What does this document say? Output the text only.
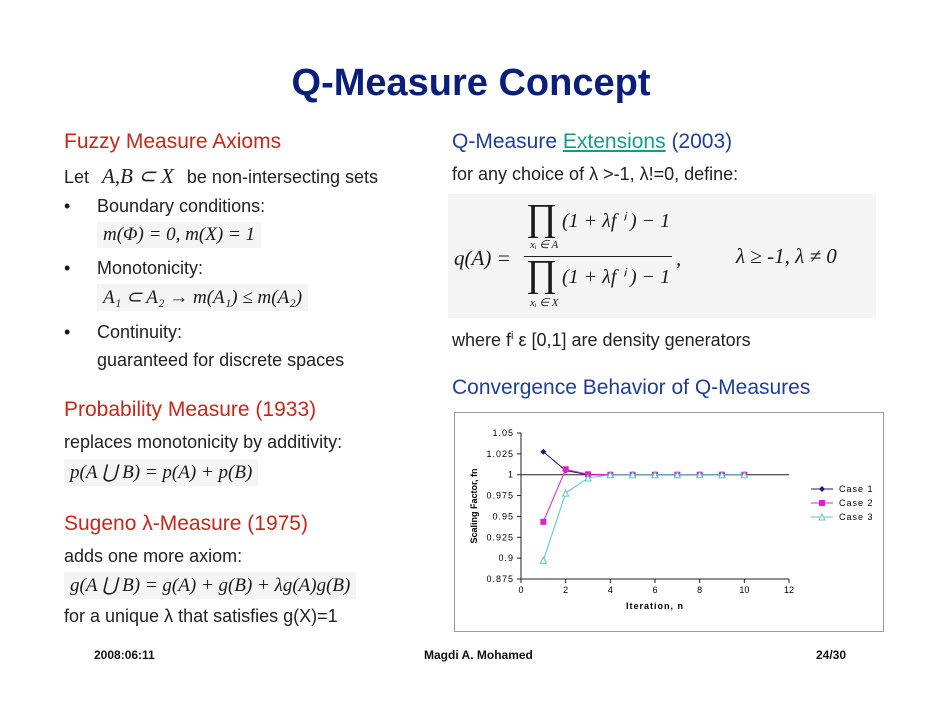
Q-Measure Concept
Fuzzy Measure Axioms
Let A,B ⊂ X be non-intersecting sets
• Boundary conditions:
m(Φ) = 0, m(X) = 1
• Monotonicity:
A₁ ⊂ A₂ → m(A₁) ≤ m(A₂)
• Continuity:
guaranteed for discrete spaces
Probability Measure (1933)
replaces monotonicity by additivity:
p(A ⋃ B) = p(A) + p(B)
Sugeno λ-Measure (1975)
adds one more axiom:
g(A ⋃ B) = g(A) + g(B) + λg(A)g(B)
for a unique λ that satisfies g(X)=1
Q-Measure Extensions (2003)
for any choice of λ >-1, λ!=0, define:
q(A) =
∏ (1 + λf ⁱ ) − 1
xᵢ ∈ A
∏ (1 + λf ⁱ ) − 1
xᵢ ∈ X
,	λ ≥ -1, λ ≠ 0
where $f^i$ ε [0,1] are density generators
Convergence Behavior of Q-Measures
0.875
0.9
0.925
0.95
0.975
1
1.025
1.05
0	2	4	6	8	10	12
Iteration, n
Scaling Factor, fn	Case 1
Case 2
Case 3
2008:06:11	Magdi A. Mohamed	24/30
